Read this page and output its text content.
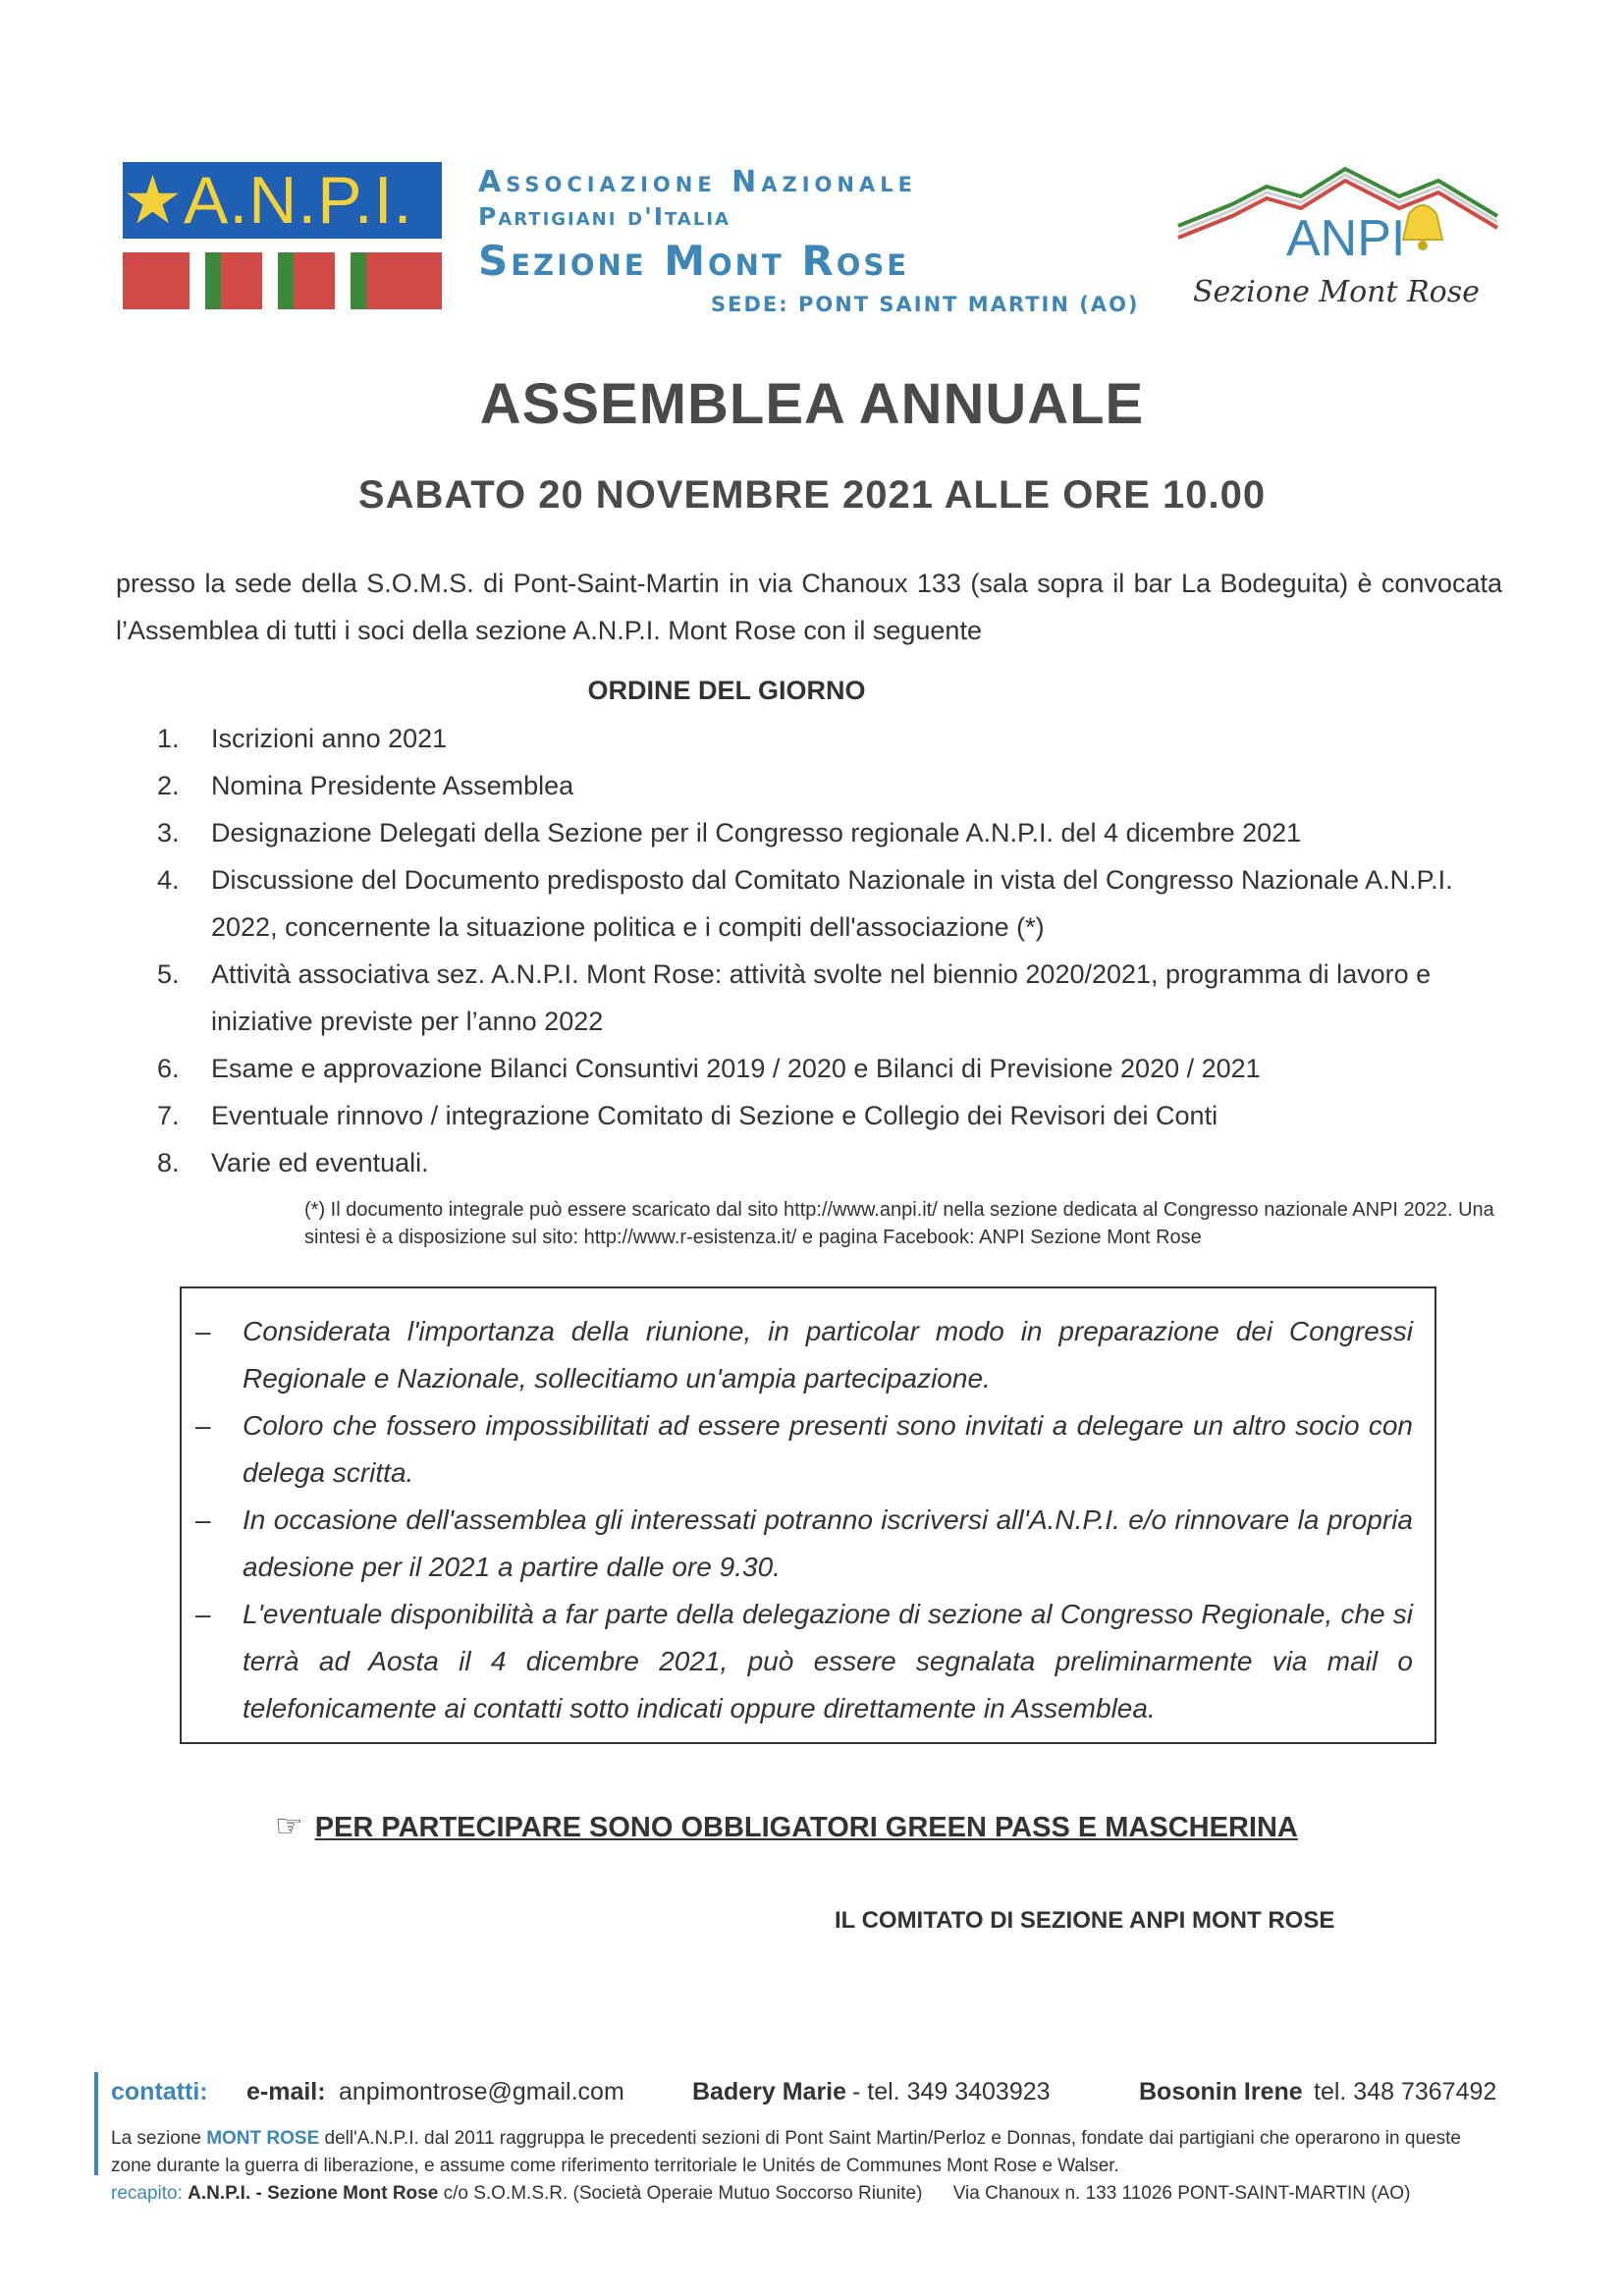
★A.N.P.I.	Associazione Nazionale
Partigiani d'Italia
Sezione Mont Rose
SEDE: PONT SAINT MARTIN (AO)
ANPI
Sezione Mont Rose
ASSEMBLEA ANNUALE
SABATO 20 NOVEMBRE 2021 ALLE ORE 10.00
presso la sede della S.O.M.S. di Pont-Saint-Martin in via Chanoux 133 (sala sopra il bar La Bodeguita) è convocata l’Assemblea di tutti i soci della sezione A.N.P.I. Mont Rose con il seguente
ORDINE DEL GIORNO
1. Iscrizioni anno 2021
2. Nomina Presidente Assemblea
3. Designazione Delegati della Sezione per il Congresso regionale A.N.P.I. del 4 dicembre 2021
4. Discussione del Documento predisposto dal Comitato Nazionale in vista del Congresso Nazionale A.N.P.I. 2022, concernente la situazione politica e i compiti dell'associazione (*)
5. Attività associativa sez. A.N.P.I. Mont Rose: attività svolte nel biennio 2020/2021, programma di lavoro e iniziative previste per l’anno 2022
6. Esame e approvazione Bilanci Consuntivi 2019 / 2020 e Bilanci di Previsione 2020 / 2021
7. Eventuale rinnovo / integrazione Comitato di Sezione e Collegio dei Revisori dei Conti
8. Varie ed eventuali.
(*) Il documento integrale può essere scaricato dal sito http://www.anpi.it/ nella sezione dedicata al Congresso nazionale ANPI 2022. Una sintesi è a disposizione sul sito: http://www.r-esistenza.it/ e pagina Facebook: ANPI Sezione Mont Rose
– Considerata l'importanza della riunione, in particolar modo in preparazione dei Congressi Regionale e Nazionale, sollecitiamo un'ampia partecipazione.
– Coloro che fossero impossibilitati ad essere presenti sono invitati a delegare un altro socio con delega scritta.
– In occasione dell'assemblea gli interessati potranno iscriversi all'A.N.P.I. e/o rinnovare la propria adesione per il 2021 a partire dalle ore 9.30.
– L'eventuale disponibilità a far parte della delegazione di sezione al Congresso Regionale, che si terrà ad Aosta il 4 dicembre 2021, può essere segnalata preliminarmente via mail o telefonicamente ai contatti sotto indicati oppure direttamente in Assemblea.
☞ PER PARTECIPARE SONO OBBLIGATORI GREEN PASS E MASCHERINA
IL COMITATO DI SEZIONE ANPI MONT ROSE
contatti: e-mail: anpimontrose@gmail.com	Badery Marie - tel. 349 3403923	Bosonin Irene tel. 348 7367492
La sezione MONT ROSE dell'A.N.P.I. dal 2011 raggruppa le precedenti sezioni di Pont Saint Martin/Perloz e Donnas, fondate dai partigiani che operarono in queste zone durante la guerra di liberazione, e assume come riferimento territoriale le Unités de Communes Mont Rose e Walser.
recapito: A.N.P.I. - Sezione Mont Rose c/o S.O.M.S.R. (Società Operaie Mutuo Soccorso Riunite) Via Chanoux n. 133 11026 PONT-SAINT-MARTIN (AO)
